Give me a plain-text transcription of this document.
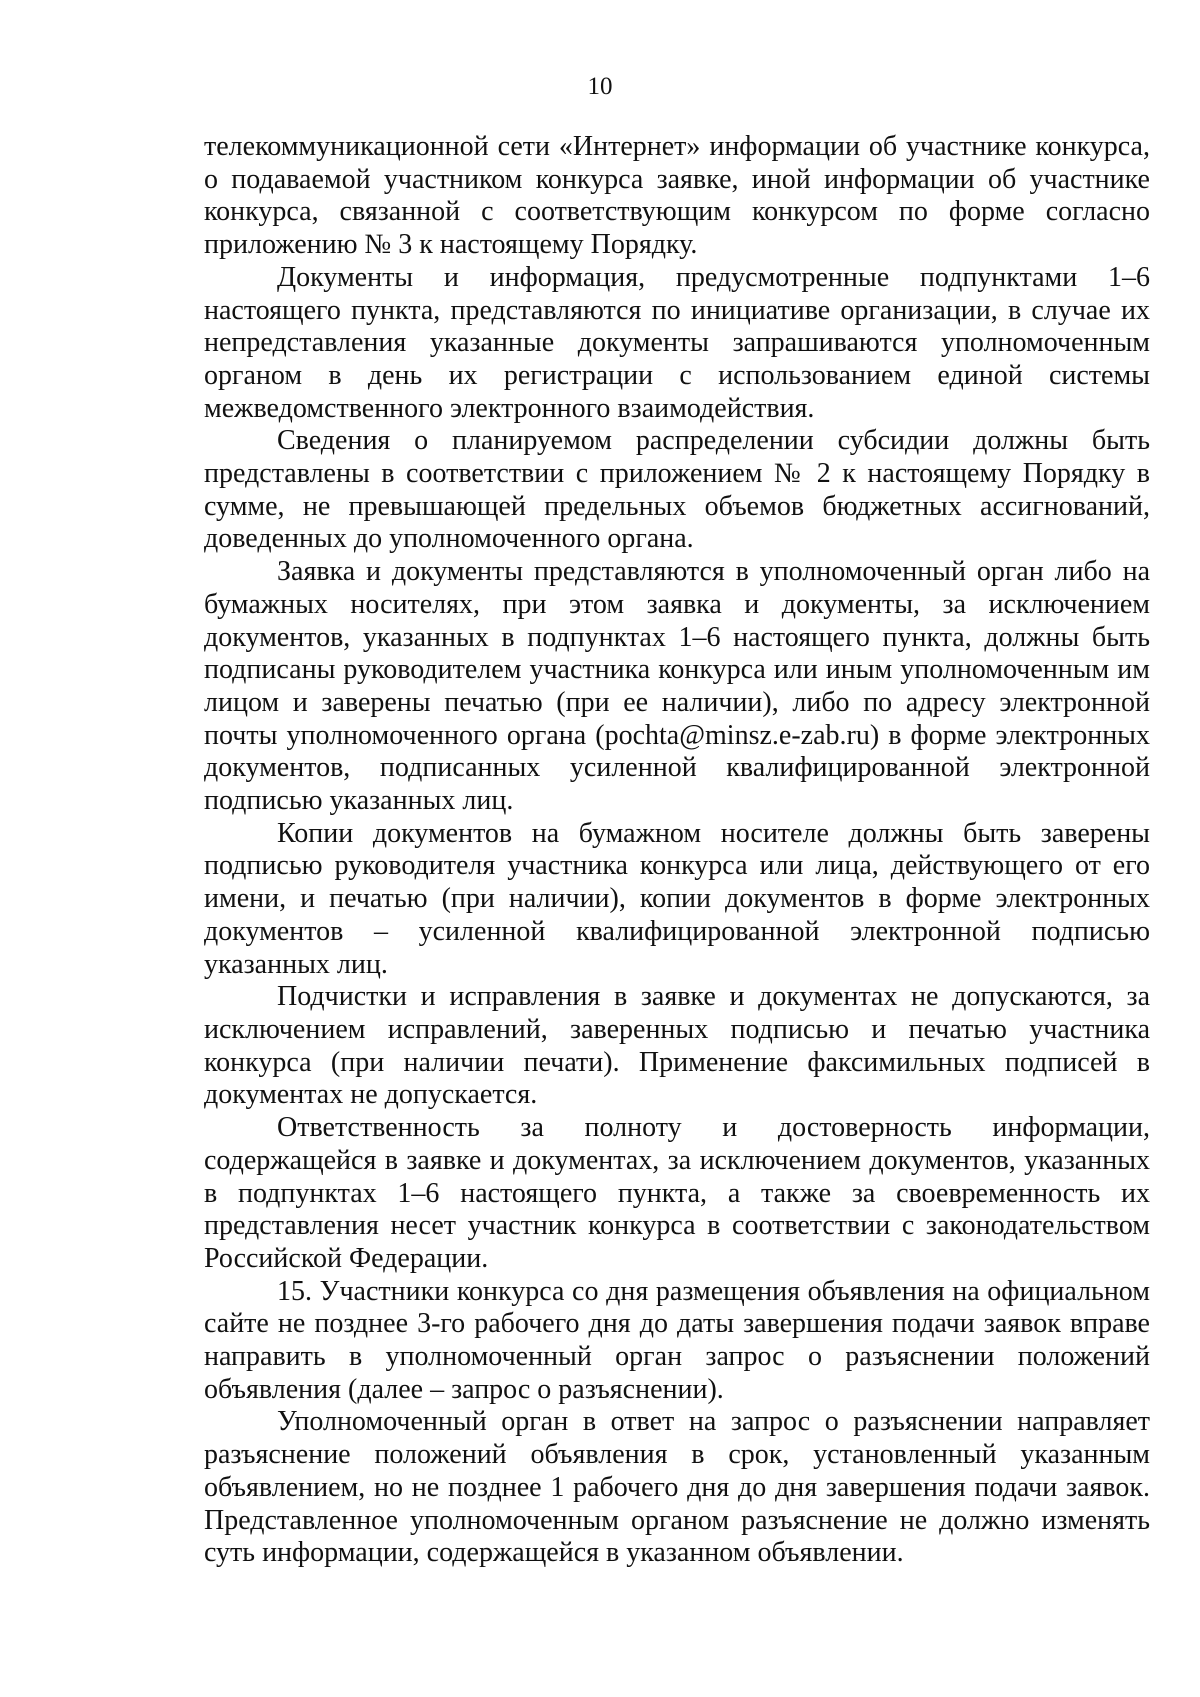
10

телекоммуникационной сети «Интернет» информации об участнике конкурса, о подаваемой участником конкурса заявке, иной информации об участнике конкурса, связанной с соответствующим конкурсом по форме согласно приложению № 3 к настоящему Порядку.

Документы и информация, предусмотренные подпунктами 1–6 настоящего пункта, представляются по инициативе организации, в случае их непредставления указанные документы запрашиваются уполномоченным органом в день их регистрации с использованием единой системы межведомственного электронного взаимодействия.

Сведения о планируемом распределении субсидии должны быть представлены в соответствии с приложением № 2 к настоящему Порядку в сумме, не превышающей предельных объемов бюджетных ассигнований, доведенных до уполномоченного органа.

Заявка и документы представляются в уполномоченный орган либо на бумажных носителях, при этом заявка и документы, за исключением документов, указанных в подпунктах 1–6 настоящего пункта, должны быть подписаны руководителем участника конкурса или иным уполномоченным им лицом и заверены печатью (при ее наличии), либо по адресу электронной почты уполномоченного органа (pochta@minsz.e-zab.ru) в форме электронных документов, подписанных усиленной квалифицированной электронной подписью указанных лиц.

Копии документов на бумажном носителе должны быть заверены подписью руководителя участника конкурса или лица, действующего от его имени, и печатью (при наличии), копии документов в форме электронных документов – усиленной квалифицированной электронной подписью указанных лиц.

Подчистки и исправления в заявке и документах не допускаются, за исключением исправлений, заверенных подписью и печатью участника конкурса (при наличии печати). Применение факсимильных подписей в документах не допускается.

Ответственность за полноту и достоверность информации, содержащейся в заявке и документах, за исключением документов, указанных в подпунктах 1–6 настоящего пункта, а также за своевременность их представления несет участник конкурса в соответствии с законодательством Российской Федерации.

15. Участники конкурса со дня размещения объявления на официальном сайте не позднее 3-го рабочего дня до даты завершения подачи заявок вправе направить в уполномоченный орган запрос о разъяснении положений объявления (далее – запрос о разъяснении).

Уполномоченный орган в ответ на запрос о разъяснении направляет разъяснение положений объявления в срок, установленный указанным объявлением, но не позднее 1 рабочего дня до дня завершения подачи заявок. Представленное уполномоченным органом разъяснение не должно изменять суть информации, содержащейся в указанном объявлении.
